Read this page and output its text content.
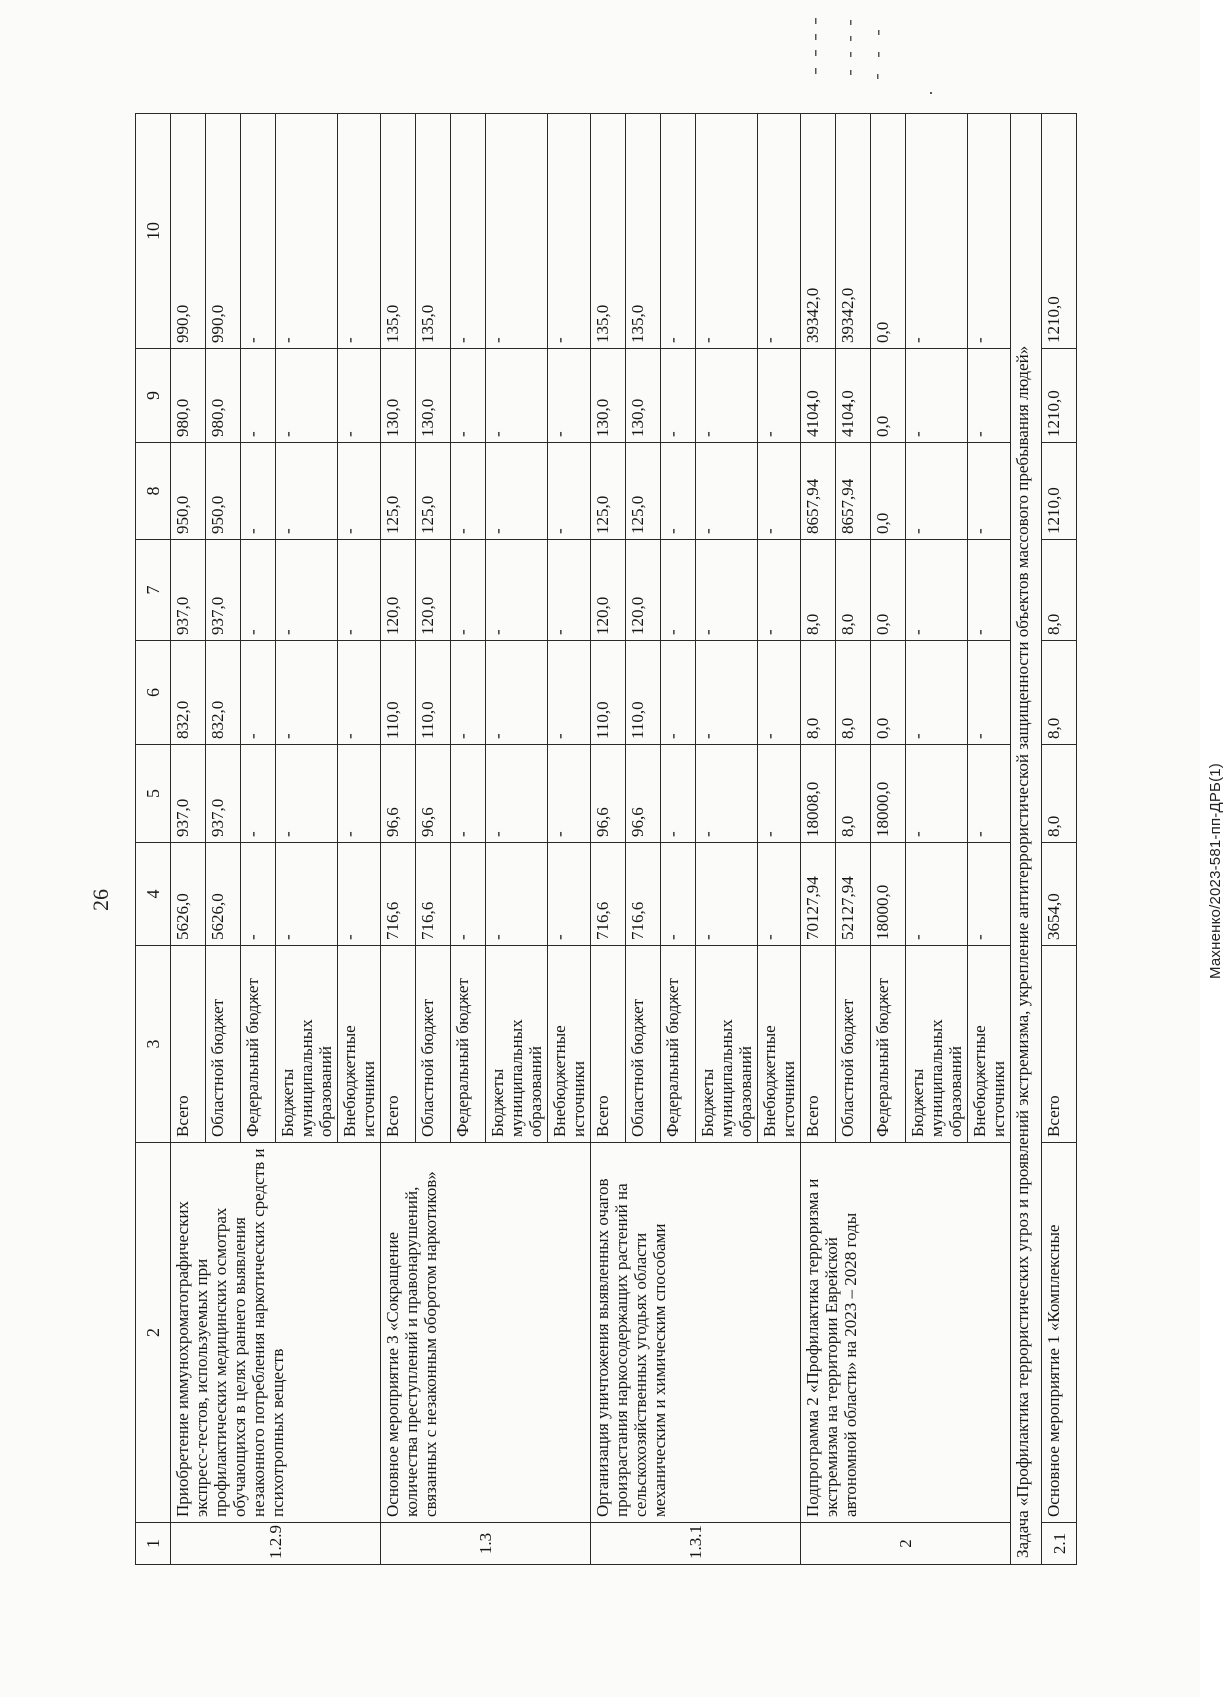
26	Махненко/2023-581-пп-ДРБ(1)
1	2	3	4	5	6	7	8	9	10
1.2.9	Приобретение иммунохроматографических экспресс-тестов, используемых при профилактических медицинских осмотрах обучающихся в целях раннего выявления незаконного потребления наркотических средств и психотропных веществ	Всего	5626,0	937,0	832,0	937,0	950,0	980,0	990,0
		Областной бюджет	5626,0	937,0	832,0	937,0	950,0	980,0	990,0
		Федеральный бюджет	-	-	-	-	-	-	-
		Бюджеты муниципальных образований	-	-	-	-	-	-	-
		Внебюджетные источники	-	-	-	-	-	-	-
1.3	Основное мероприятие 3 «Сокращение количества преступлений и правонарушений, связанных с незаконным оборотом наркотиков»	Всего	716,6	96,6	110,0	120,0	125,0	130,0	135,0
		Областной бюджет	716,6	96,6	110,0	120,0	125,0	130,0	135,0
		Федеральный бюджет	-	-	-	-	-	-	-
		Бюджеты муниципальных образований	-	-	-	-	-	-	-
		Внебюджетные источники	-	-	-	-	-	-	-
1.3.1	Организация уничтожения выявленных очагов произрастания наркосодержащих растений на сельскохозяйственных угодьях области механическим и химическим способами	Всего	716,6	96,6	110,0	120,0	125,0	130,0	135,0
		Областной бюджет	716,6	96,6	110,0	120,0	125,0	130,0	135,0
		Федеральный бюджет	-	-	-	-	-	-	-
		Бюджеты муниципальных образований	-	-	-	-	-	-	-
		Внебюджетные источники	-	-	-	-	-	-	-
2	Подпрограмма 2 «Профилактика терроризма и экстремизма на территории Еврейской автономной области» на 2023 – 2028 годы	Всего	70127,94	18008,0	8,0	8,0	8657,94	4104,0	39342,0
		Областной бюджет	52127,94	8,0	8,0	8,0	8657,94	4104,0	39342,0
		Федеральный бюджет	18000,0	18000,0	0,0	0,0	0,0	0,0	0,0
		Бюджеты муниципальных образований	-	-	-	-	-	-	-
		Внебюджетные источники	-	-	-	-	-	-	-
Задача «Профилактика террористических угроз и проявлений экстремизма, укрепление антитеррористической защищенности объектов массового пребывания людей»									
2.1	Основное мероприятие 1 «Комплексные	Всего	3654,0	8,0	8,0	8,0	1210,0	1210,0	1210,0
